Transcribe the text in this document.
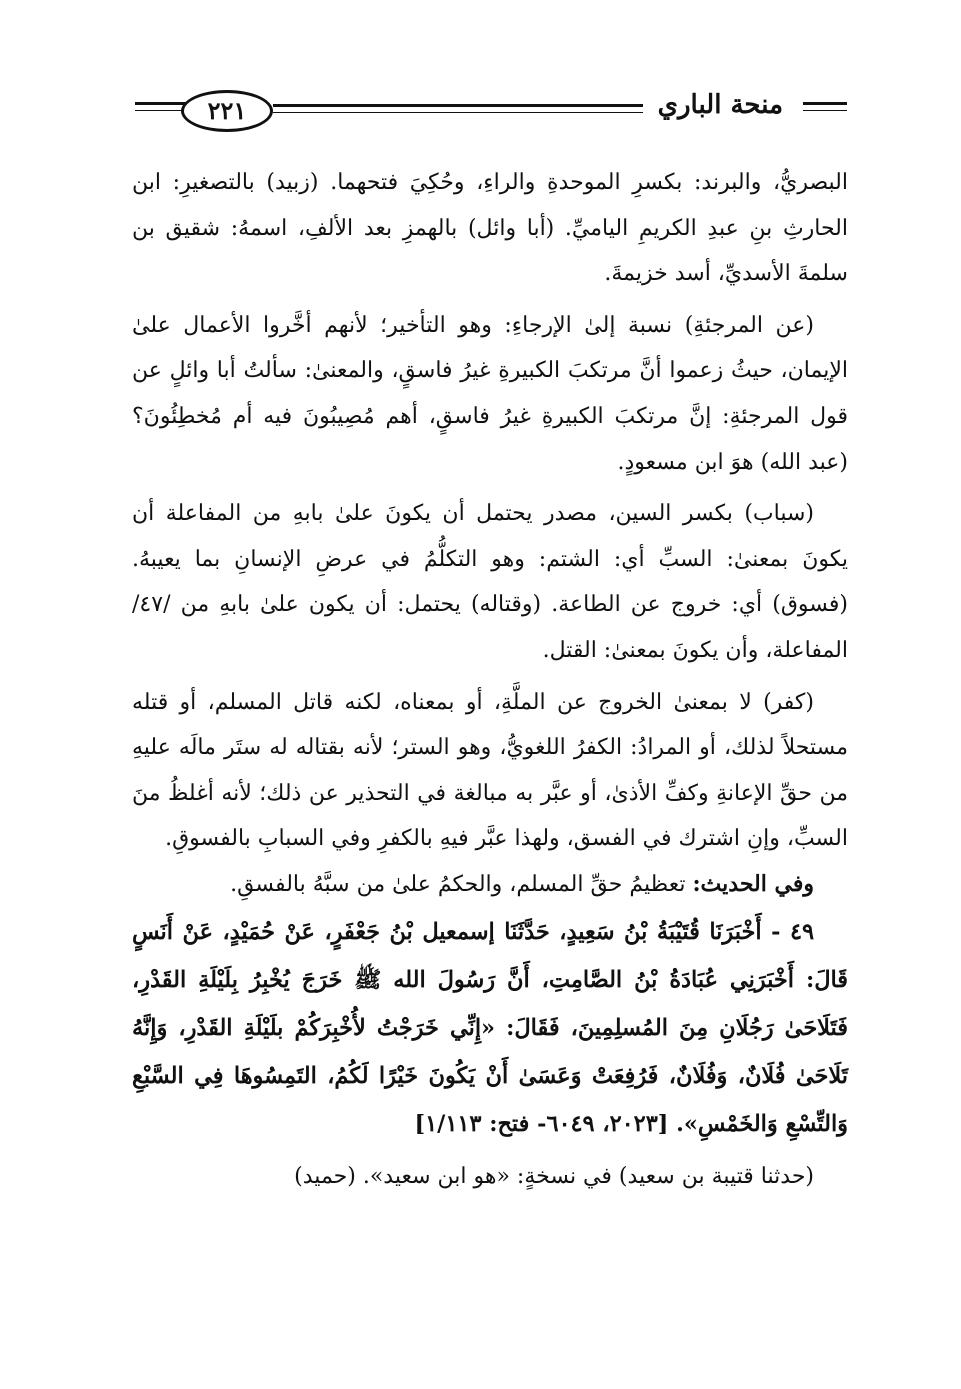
٢٢١	منحة الباري

البصريُّ، والبرند: بكسرِ الموحدةِ والراءِ، وحُكِيَ فتحهما. (زبيد) بالتصغيرِ: ابن الحارثِ بنِ عبدِ الكريمِ الياميِّ. (أبا وائل) بالهمزِ بعد الألفِ، اسمهُ: شقيق بن سلمةَ الأسديِّ، أسد خزيمةَ.

(عن المرجئةِ) نسبة إلىٰ الإرجاءِ: وهو التأخير؛ لأنهم أخَّروا الأعمال علىٰ الإيمان، حيثُ زعموا أنَّ مرتكبَ الكبيرةِ غيرُ فاسقٍ، والمعنىٰ: سألتُ أبا وائلٍ عن قول المرجئةِ: إنَّ مرتكبَ الكبيرةِ غيرُ فاسقٍ، أهم مُصِيبُونَ فيه أم مُخطِئُونَ؟ (عبد الله) هوَ ابن مسعودٍ.

(سباب) بكسر السين، مصدر يحتمل أن يكونَ علىٰ بابهِ من المفاعلة أن يكونَ بمعنىٰ: السبِّ أي: الشتم: وهو التكلُّمُ في عرضِ الإنسانِ بما يعيبهُ. (فسوق) أي: خروج عن الطاعة. (وقتاله) يحتمل: أن يكون علىٰ بابهِ من /٤٧/المفاعلة، وأن يكونَ بمعنىٰ: القتل.

(كفر) لا بمعنىٰ الخروج عن الملَّةِ، أو بمعناه، لكنه قاتل المسلم، أو قتله مستحلاً لذلك، أو المرادُ: الكفرُ اللغويُّ، وهو الستر؛ لأنه بقتاله له ستَر مالَه عليهِ من حقِّ الإعانةِ وكفِّ الأذىٰ، أو عبَّر به مبالغة في التحذير عن ذلك؛ لأنه أغلظُ منَ السبِّ، وإنِ اشترك في الفسق، ولهذا عبَّر فيهِ بالكفرِ وفي السبابِ بالفسوقِ.

وفي الحديث: تعظيمُ حقِّ المسلم، والحكمُ علىٰ من سبَّهُ بالفسقِ.

٤٩ - أَخْبَرَنَا قُتَيْبَةُ بْنُ سَعِيدٍ، حَدَّثَنَا إسمعيل بْنُ جَعْفَرٍ، عَنْ حُمَيْدٍ، عَنْ أَنَسٍ قَالَ: أَخْبَرَنِي عُبَادَةُ بْنُ الصَّامِتِ، أَنَّ رَسُولَ الله ﷺ خَرَجَ يُخْبِرُ بِلَيْلَةِ القَدْرِ، فَتَلَاحَىٰ رَجُلَانِ مِنَ المُسلِمِينَ، فَقَالَ: «إِنِّي خَرَجْتُ لأُخْبِرَكُمْ بلَيْلَةِ القَدْرِ، وَإِنَّهُ تَلَاحَىٰ فُلَانٌ، وَفُلَانٌ، فَرُفِعَتْ وَعَسَىٰ أَنْ يَكُونَ خَيْرًا لَكُمُ، التَمِسُوهَا فِي السَّبْعِ وَالتِّسْعِ وَالخَمْسِ». [٢٠٢٣، ٦٠٤٩- فتح: ١/١١٣]

(حدثنا قتيبة بن سعيد) في نسخةٍ: «هو ابن سعيد». (حميد)
